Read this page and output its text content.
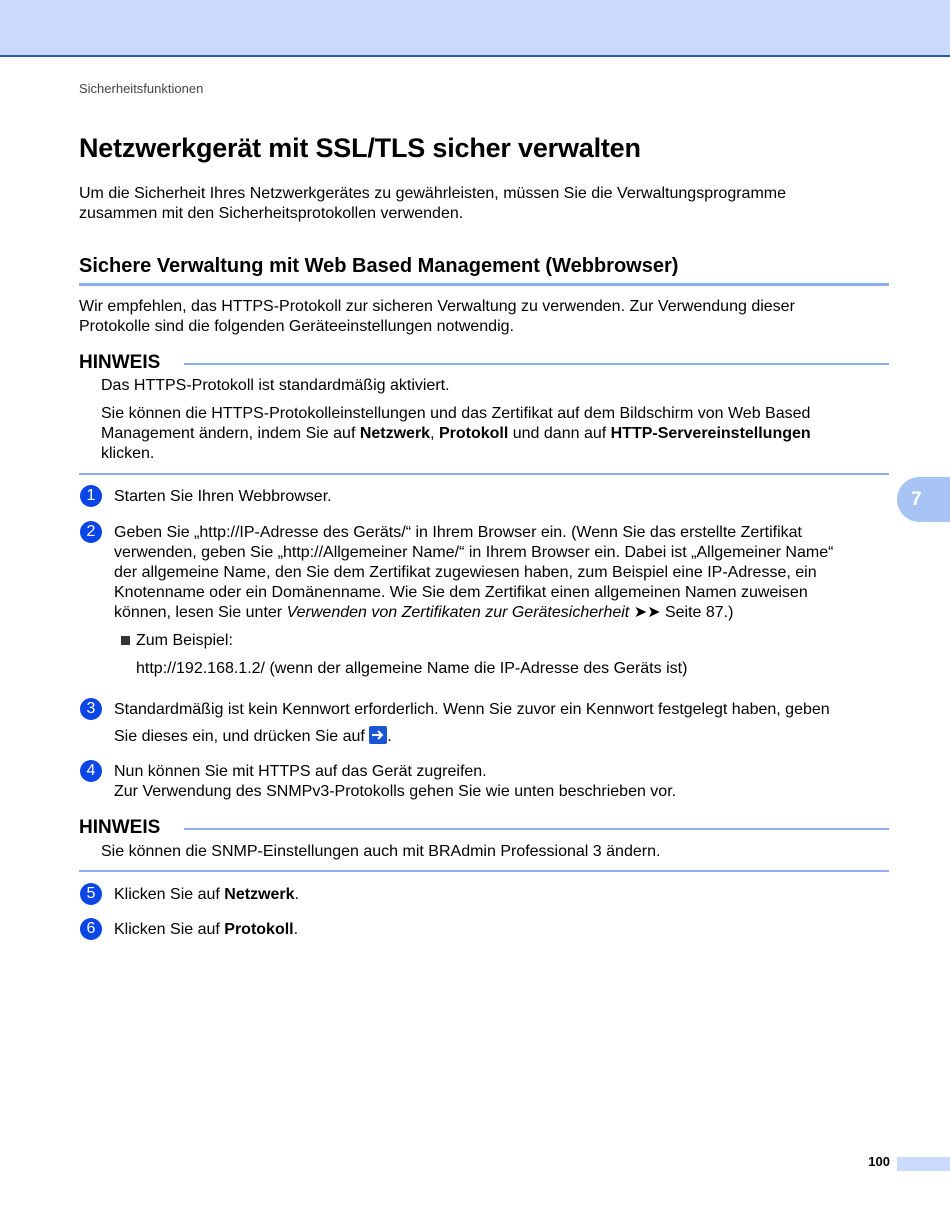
Sicherheitsfunktionen
Netzwerkgerät mit SSL/TLS sicher verwalten
Um die Sicherheit Ihres Netzwerkgerätes zu gewährleisten, müssen Sie die Verwaltungsprogramme
zusammen mit den Sicherheitsprotokollen verwenden.
Sichere Verwaltung mit Web Based Management (Webbrowser)
Wir empfehlen, das HTTPS-Protokoll zur sicheren Verwaltung zu verwenden. Zur Verwendung dieser
Protokolle sind die folgenden Geräteeinstellungen notwendig.
HINWEIS
Das HTTPS-Protokoll ist standardmäßig aktiviert.
Sie können die HTTPS-Protokolleinstellungen und das Zertifikat auf dem Bildschirm von Web Based
Management ändern, indem Sie auf Netzwerk, Protokoll und dann auf HTTP-Servereinstellungen
klicken.
1	Starten Sie Ihren Webbrowser.
2	Geben Sie „http://IP-Adresse des Geräts/“ in Ihrem Browser ein. (Wenn Sie das erstellte Zertifikat
verwenden, geben Sie „http://Allgemeiner Name/“ in Ihrem Browser ein. Dabei ist „Allgemeiner Name“
der allgemeine Name, den Sie dem Zertifikat zugewiesen haben, zum Beispiel eine IP-Adresse, ein
Knotenname oder ein Domänenname. Wie Sie dem Zertifikat einen allgemeinen Namen zuweisen
können, lesen Sie unter Verwenden von Zertifikaten zur Gerätesicherheit ➤➤ Seite 87.)
Zum Beispiel:
http://192.168.1.2/ (wenn der allgemeine Name die IP-Adresse des Geräts ist)
3	Standardmäßig ist kein Kennwort erforderlich. Wenn Sie zuvor ein Kennwort festgelegt haben, geben
Sie dieses ein, und drücken Sie auf
.
4	Nun können Sie mit HTTPS auf das Gerät zugreifen.
Zur Verwendung des SNMPv3-Protokolls gehen Sie wie unten beschrieben vor.
HINWEIS
Sie können die SNMP-Einstellungen auch mit BRAdmin Professional 3 ändern.
5	Klicken Sie auf Netzwerk.
6	Klicken Sie auf Protokoll.
7
100
